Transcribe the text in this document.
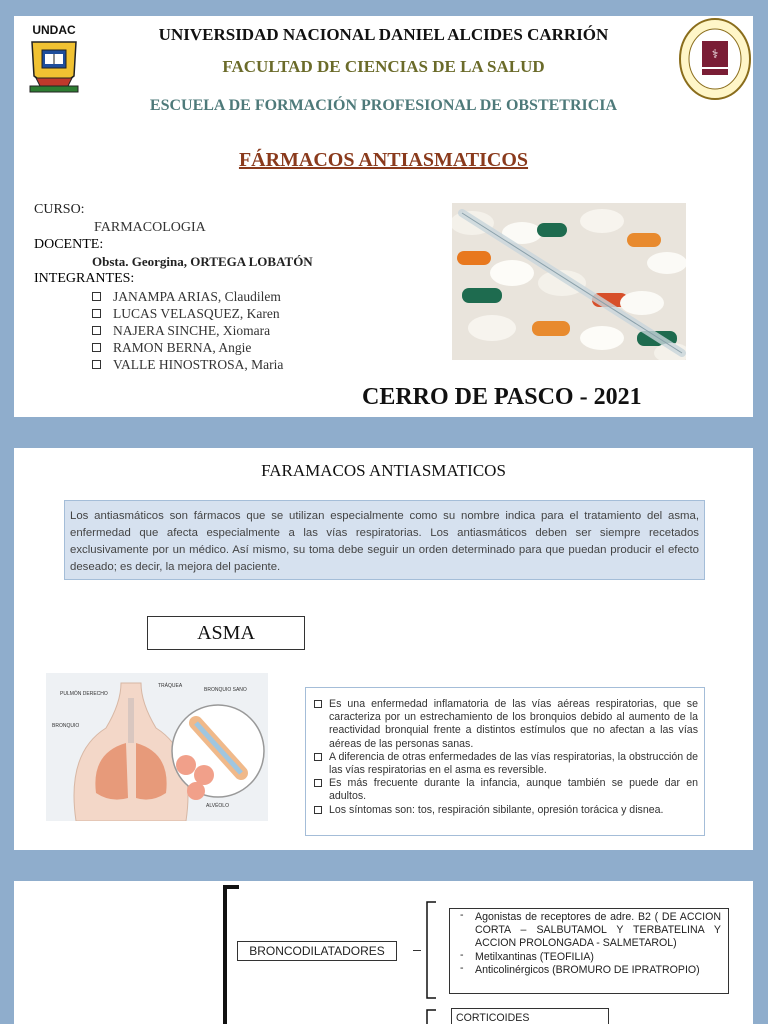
UNDAC
⚕
UNIVERSIDAD NACIONAL DANIEL ALCIDES CARRIÓN
FACULTAD DE CIENCIAS DE LA SALUD
ESCUELA DE FORMACIÓN PROFESIONAL DE OBSTETRICIA
FÁRMACOS ANTIASMATICOS
CURSO:
FARMACOLOGIA
DOCENTE:
Obsta. Georgina, ORTEGA LOBATÓN
INTEGRANTES:
JANAMPA ARIAS, Claudilem
LUCAS VELASQUEZ, Karen
NAJERA SINCHE, Xiomara
RAMON BERNA, Angie
VALLE HINOSTROSA, Maria
CERRO DE PASCO - 2021
FARAMACOS ANTIASMATICOS
Los antiasmáticos son fármacos que se utilizan especialmente como su nombre indica para el tratamiento del asma, enfermedad que afecta especialmente a las vías respiratorias. Los antiasmáticos deben ser siempre recetados exclusivamente por un médico. Así mismo, su toma debe seguir un orden determinado para que puedan producir el efecto deseado; es decir, la mejora del paciente.
ASMA
PULMÓN DERECHO
TRÁQUEA
BRONQUIO SANO
BRONQUIO
ALVÉOLO
Es una enfermedad inflamatoria de las vías aéreas respiratorias, que se caracteriza por un estrechamiento de los bronquios debido al aumento de la reactividad bronquial frente a distintos estímulos que no afectan a las vías aéreas de las personas sanas.
A diferencia de otras enfermedades de las vías respiratorias, la obstrucción de las vías respiratorias en el asma es reversible.
Es más frecuente durante la infancia, aunque también se puede dar en adultos.
Los síntomas son: tos, respiración sibilante, opresión torácica y disnea.
BRONCODILATADORES
- Agonistas de receptores de adre. B2 ( DE ACCION CORTA – SALBUTAMOL Y TERBATELINA Y ACCION PROLONGADA - SALMETAROL)
- Metilxantinas (TEOFILIA)
- Anticolinérgicos (BROMURO DE IPRATROPIO)
CORTICOIDES
